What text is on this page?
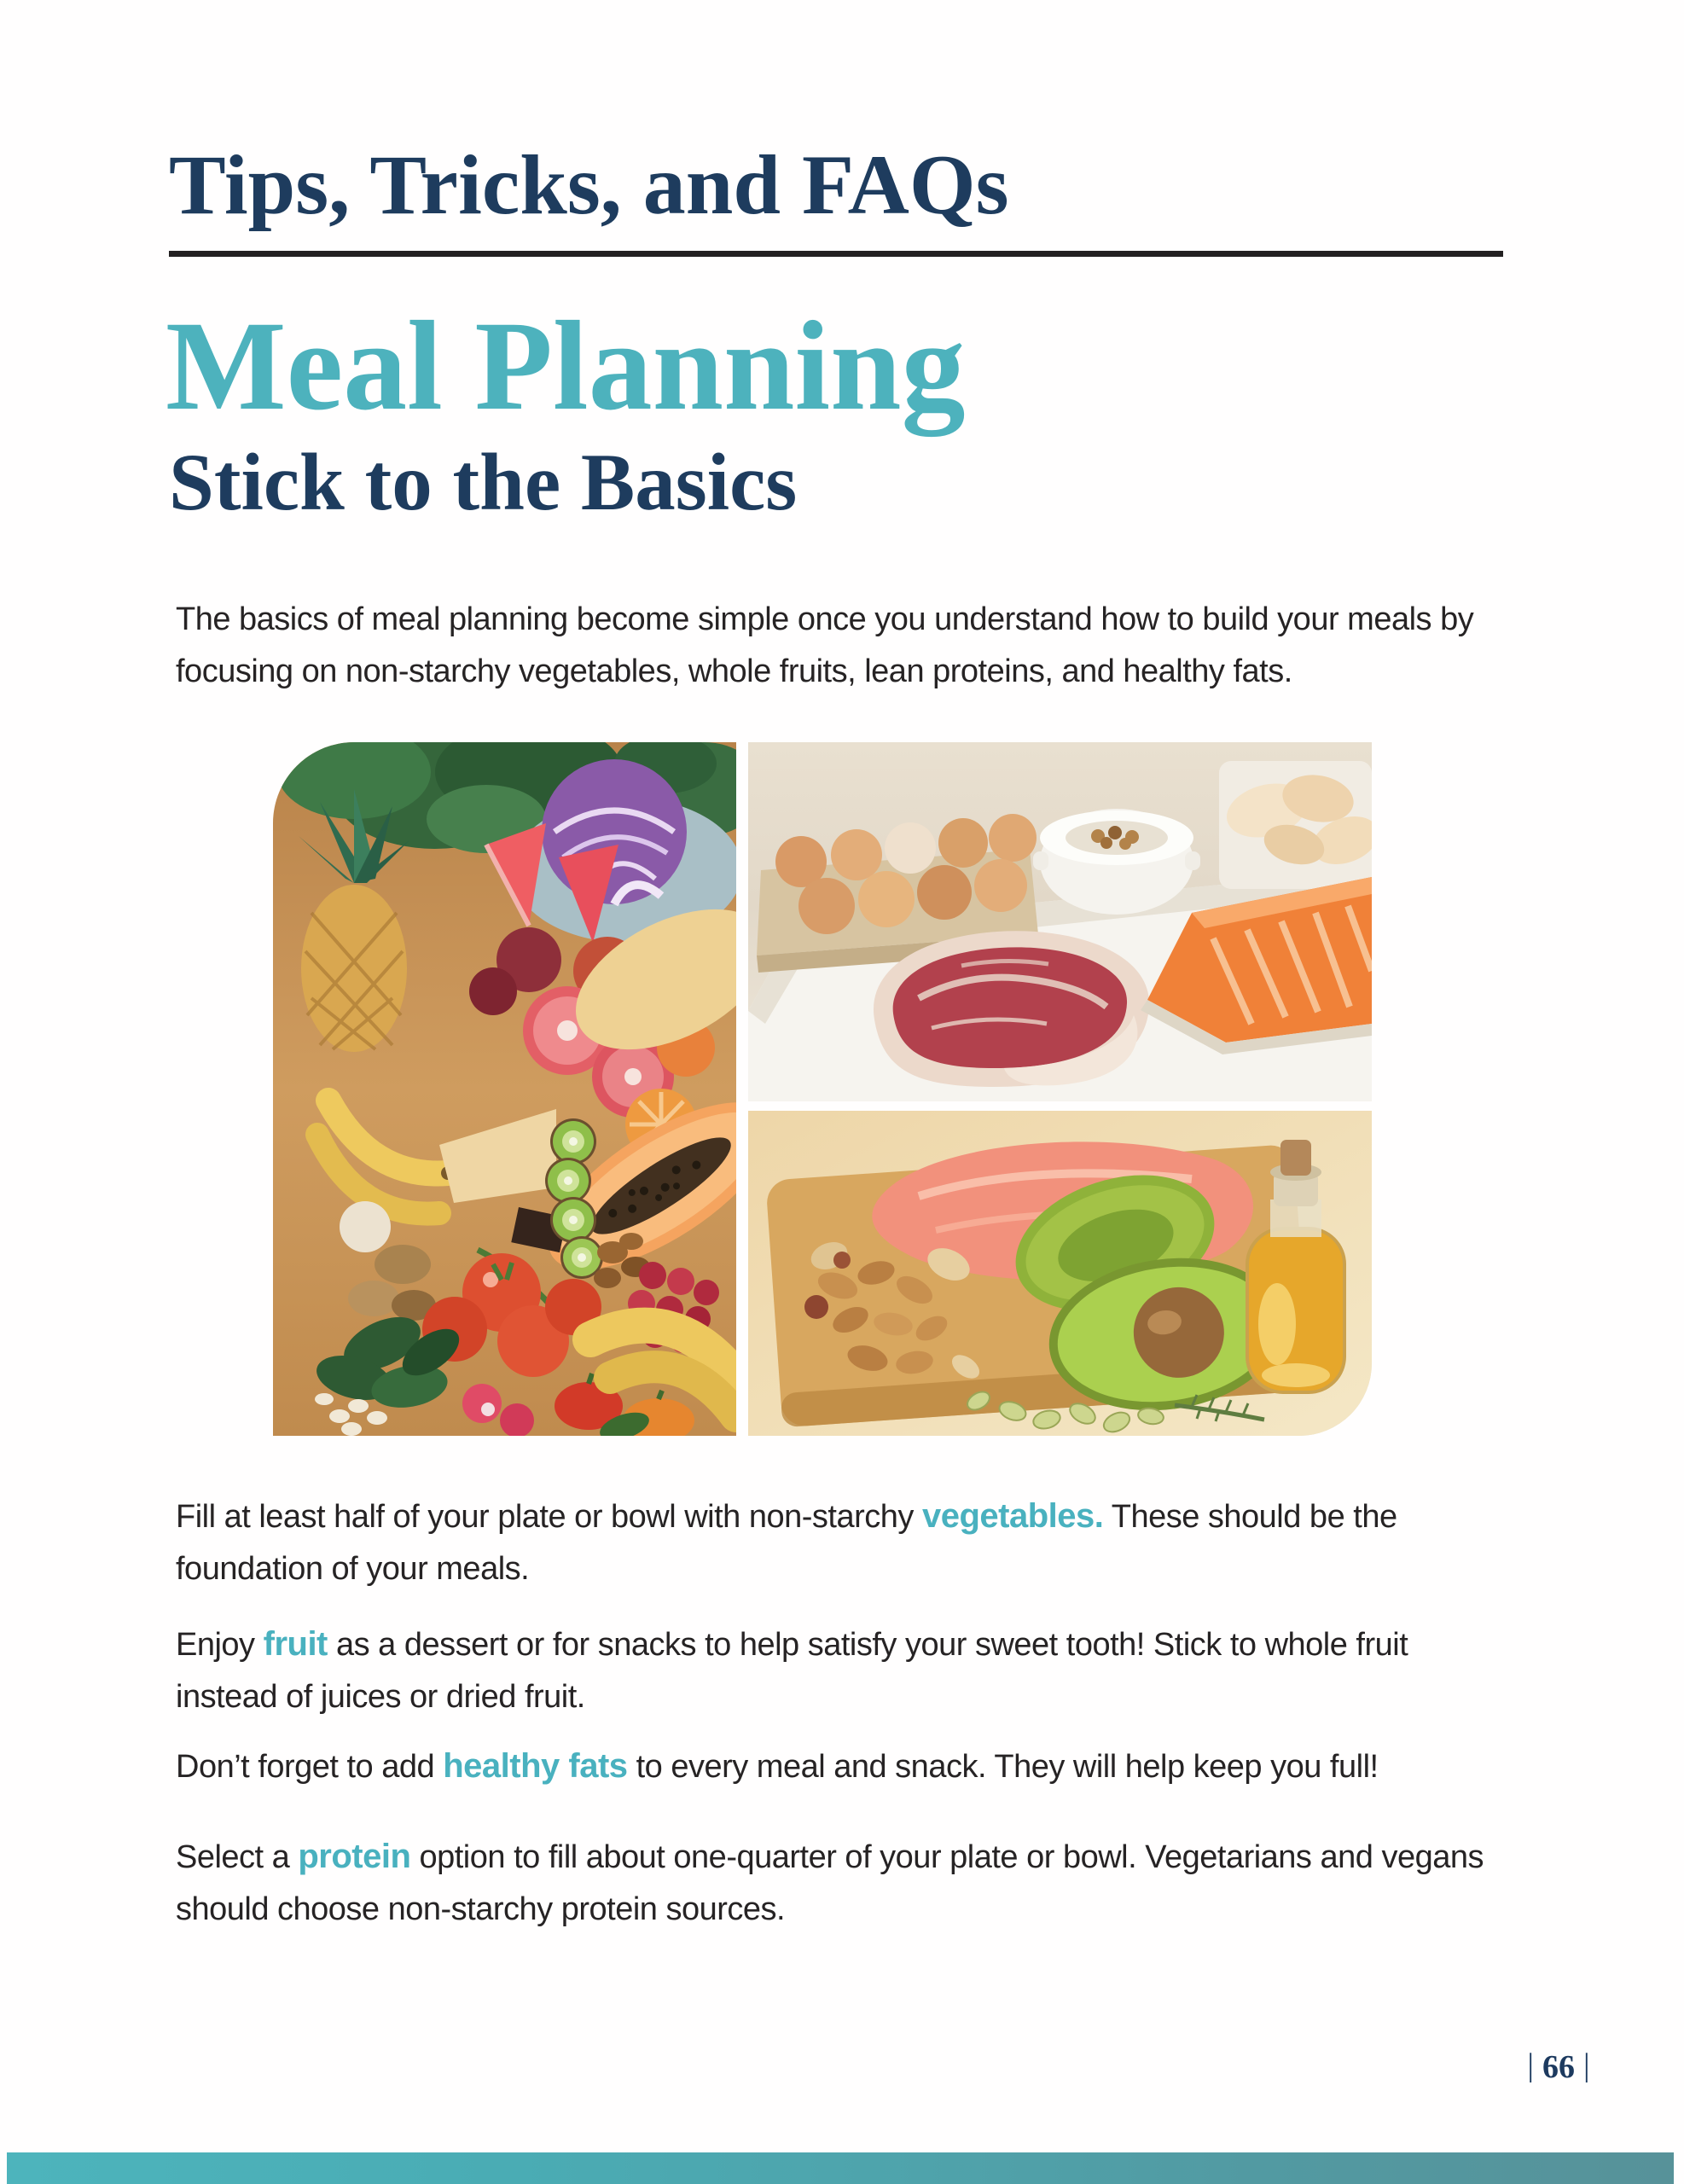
Tips, Tricks, and FAQs
Meal Planning
Stick to the Basics

The basics of meal planning become simple once you understand how to build your meals by focusing on non-starchy vegetables, whole fruits, lean proteins, and healthy fats.

Fill at least half of your plate or bowl with non-starchy vegetables. These should be the foundation of your meals.

Enjoy fruit as a dessert or for snacks to help satisfy your sweet tooth! Stick to whole fruit instead of juices or dried fruit.

Don’t forget to add healthy fats to every meal and snack. They will help keep you full!

Select a protein option to fill about one-quarter of your plate or bowl. Vegetarians and vegans should choose non-starchy protein sources.

| 66 |
